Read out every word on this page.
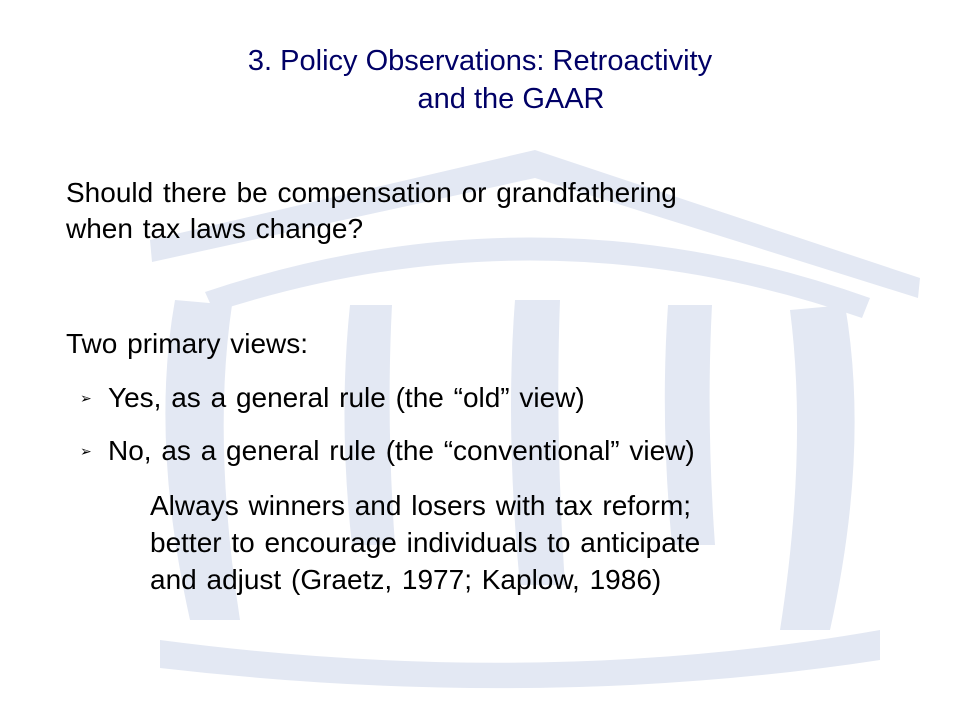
3. Policy Observations: Retroactivity
and the GAAR
Should there be compensation or grandfathering
when tax laws change?
Two primary views:
➢ Yes, as a general rule (the “old” view)
➢ No, as a general rule (the “conventional” view)
Always winners and losers with tax reform;
better to encourage individuals to anticipate
and adjust (Graetz, 1977; Kaplow, 1986)
